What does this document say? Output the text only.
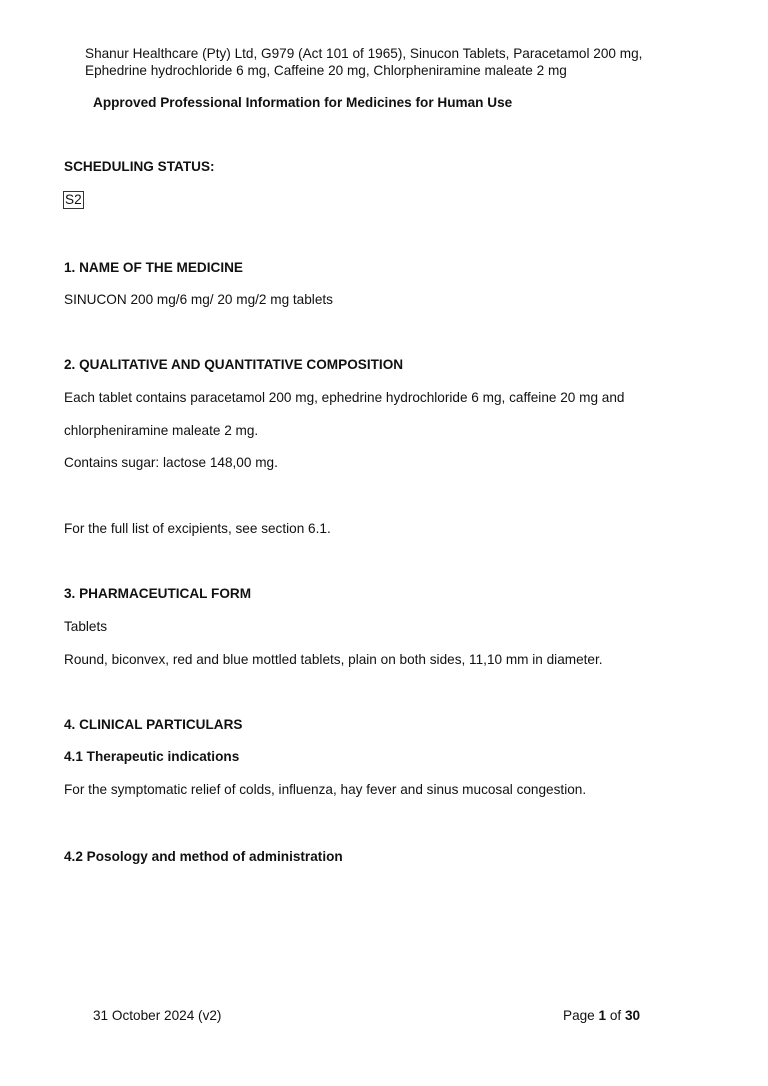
Shanur Healthcare (Pty) Ltd, G979 (Act 101 of 1965), Sinucon Tablets, Paracetamol 200 mg,
Ephedrine hydrochloride 6 mg, Caffeine 20 mg, Chlorpheniramine maleate 2 mg
Approved Professional Information for Medicines for Human Use
SCHEDULING STATUS:
S2
1. NAME OF THE MEDICINE
SINUCON 200 mg/6 mg/ 20 mg/2 mg tablets
2. QUALITATIVE AND QUANTITATIVE COMPOSITION
Each tablet contains paracetamol 200 mg, ephedrine hydrochloride 6 mg, caffeine 20 mg and
chlorpheniramine maleate 2 mg.
Contains sugar: lactose 148,00 mg.
For the full list of excipients, see section 6.1.
3. PHARMACEUTICAL FORM
Tablets
Round, biconvex, red and blue mottled tablets, plain on both sides, 11,10 mm in diameter.
4. CLINICAL PARTICULARS
4.1 Therapeutic indications
For the symptomatic relief of colds, influenza, hay fever and sinus mucosal congestion.
4.2 Posology and method of administration
31 October 2024 (v2)	Page 1 of 30
